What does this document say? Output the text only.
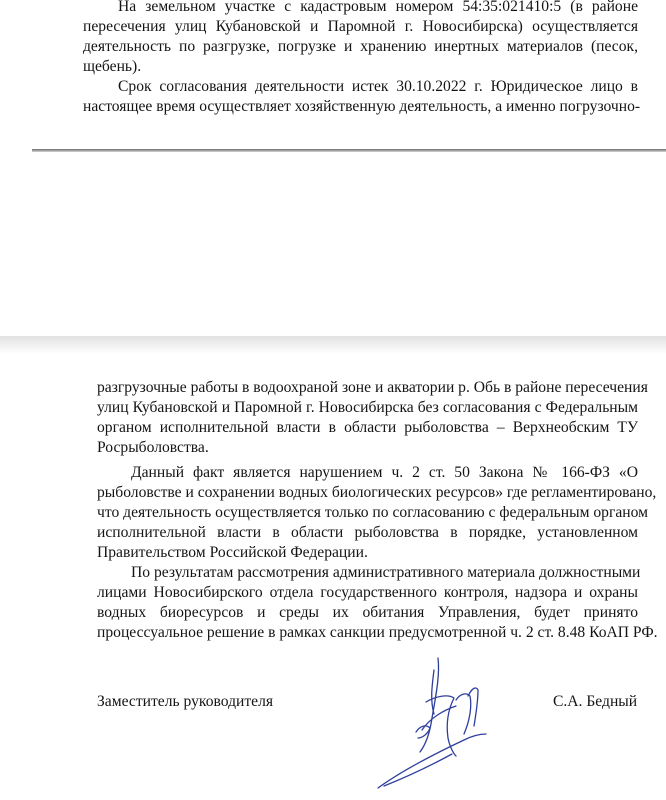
На земельном участке с кадастровым номером 54:35:021410:5 (в районе

пересечения улиц Кубановской и Паромной г. Новосибирска) осуществляется

деятельность по разгрузке, погрузке и хранению инертных материалов (песок,

щебень).

Срок согласования деятельности истек 30.10.2022 г. Юридическое лицо в

настоящее время осуществляет хозяйственную деятельность, а именно погрузочно-

разгрузочные работы в водоохраной зоне и акватории р. Обь в районе пересечения

улиц Кубановской и Паромной г. Новосибирска без согласования с Федеральным

органом исполнительной власти в области рыболовства – Верхнеобским ТУ

Росрыболовства.

Данный факт является нарушением ч. 2 ст. 50 Закона № 166-ФЗ «О

рыболовстве и сохранении водных биологических ресурсов» где регламентировано,

что деятельность осуществляется только по согласованию с федеральным органом

исполнительной власти в области рыболовства в порядке, установленном

Правительством Российской Федерации.

По результатам рассмотрения административного материала должностными

лицами Новосибирского отдела государственного контроля, надзора и охраны

водных биоресурсов и среды их обитания Управления, будет принято

процессуальное решение в рамках санкции предусмотренной ч. 2 ст. 8.48 КоАП РФ.

Заместитель руководителя	С.А. Бедный
